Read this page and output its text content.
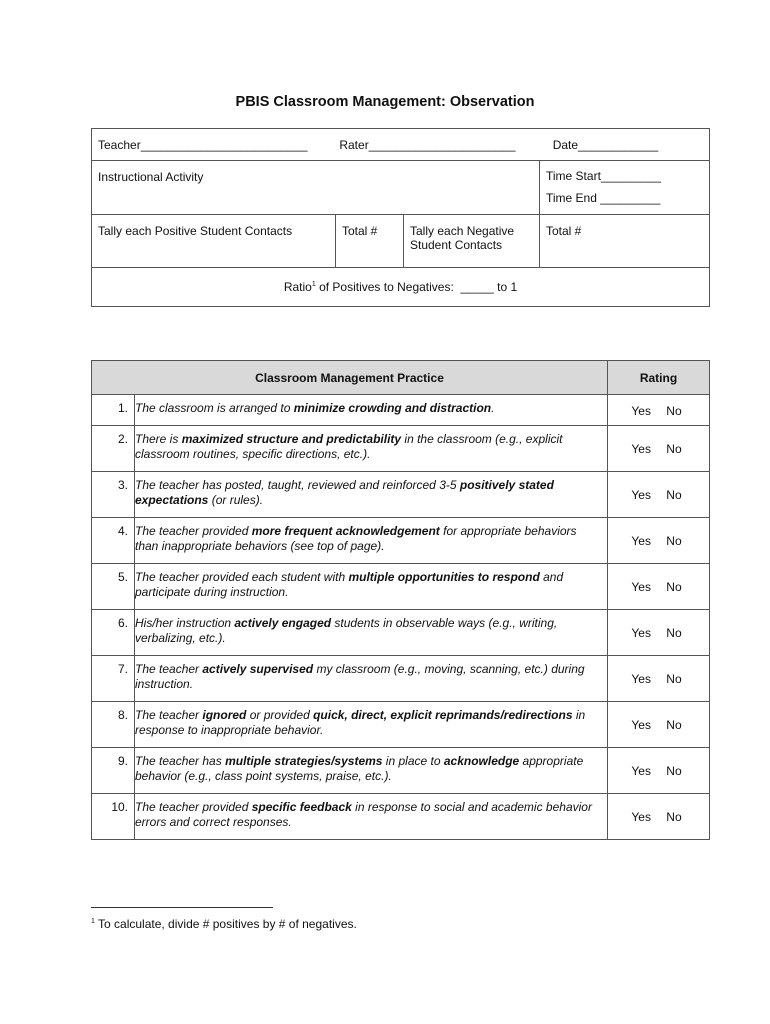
PBIS Classroom Management: Observation
Teacher_________________________ Rater______________________ Date____________			
Instructional Activity			Time Start_________
Time End _________

Tally each Positive Student Contacts	Total #	Tally each Negative Student Contacts	Total #
Ratio$^1$ of Positives to Negatives:  _____ to 1			
Classroom Management Practice		Rating
1.	The classroom is arranged to minimize crowding and distraction.	Yes No
2.	There is maximized structure and predictability in the classroom (e.g., explicit classroom routines, specific directions, etc.).	Yes No
3.	The teacher has posted, taught, reviewed and reinforced 3-5 positively stated expectations (or rules).	Yes No
4.	The teacher provided more frequent acknowledgement for appropriate behaviors than inappropriate behaviors (see top of page).	Yes No
5.	The teacher provided each student with multiple opportunities to respond and participate during instruction.	Yes No
6.	His/her instruction actively engaged students in observable ways (e.g., writing, verbalizing, etc.).	Yes No
7.	The teacher actively supervised my classroom (e.g., moving, scanning, etc.) during instruction.	Yes No
8.	The teacher ignored or provided quick, direct, explicit reprimands/redirections in response to inappropriate behavior.	Yes No
9.	The teacher has multiple strategies/systems in place to acknowledge appropriate behavior (e.g., class point systems, praise, etc.).	Yes No
10.	The teacher provided specific feedback in response to social and academic behavior errors and correct responses.	Yes No
$^1$ To calculate, divide # positives by # of negatives.
